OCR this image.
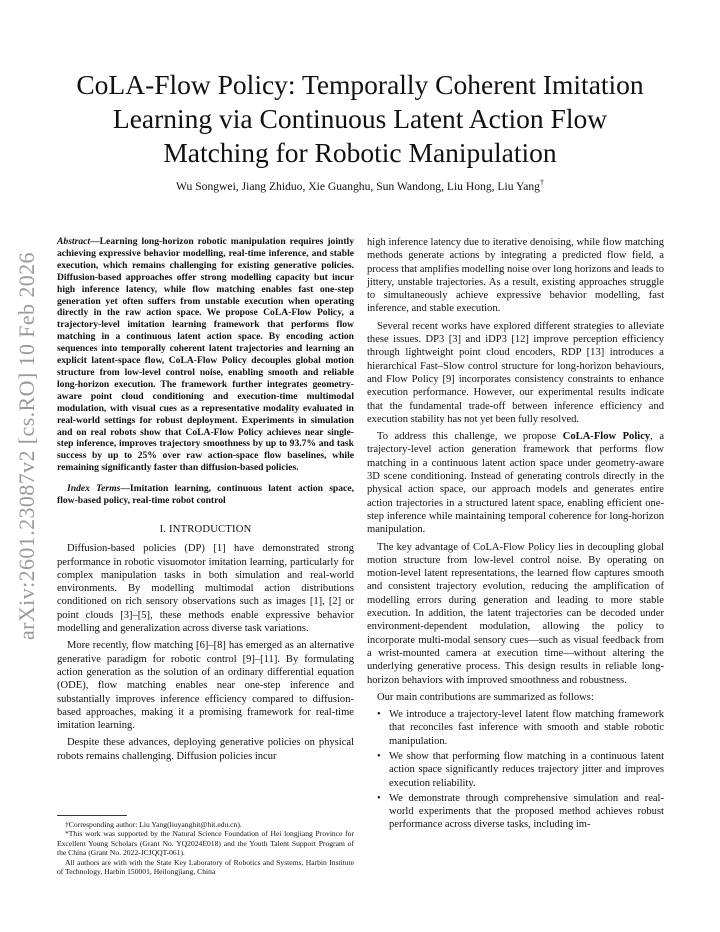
arXiv:2601.23087v2 [cs.RO] 10 Feb 2026
CoLA-Flow Policy: Temporally Coherent Imitation Learning via Continuous Latent Action Flow Matching for Robotic Manipulation
Wu Songwei, Jiang Zhiduo, Xie Guanghu, Sun Wandong, Liu Hong, Liu Yang†

Abstract—Learning long-horizon robotic manipulation requires jointly achieving expressive behavior modelling, real-time inference, and stable execution, which remains challenging for existing generative policies. Diffusion-based approaches offer strong modelling capacity but incur high inference latency, while flow matching enables fast one-step generation yet often suffers from unstable execution when operating directly in the raw action space. We propose CoLA-Flow Policy, a trajectory-level imitation learning framework that performs flow matching in a continuous latent action space. By encoding action sequences into temporally coherent latent trajectories and learning an explicit latent-space flow, CoLA-Flow Policy decouples global motion structure from low-level control noise, enabling smooth and reliable long-horizon execution. The framework further integrates geometry-aware point cloud conditioning and execution-time multimodal modulation, with visual cues as a representative modality evaluated in real-world settings for robust deployment. Experiments in simulation and on real robots show that CoLA-Flow Policy achieves near single-step inference, improves trajectory smoothness by up to 93.7% and task success by up to 25% over raw action-space flow baselines, while remaining significantly faster than diffusion-based policies.

Index Terms—Imitation learning, continuous latent action space, flow-based policy, real-time robot control

I. INTRODUCTION

Diffusion-based policies (DP) [1] have demonstrated strong performance in robotic visuomotor imitation learning, particularly for complex manipulation tasks in both simulation and real-world environments. By modelling multimodal action distributions conditioned on rich sensory observations such as images [1], [2] or point clouds [3]–[5], these methods enable expressive behavior modelling and generalization across diverse task variations.

More recently, flow matching [6]–[8] has emerged as an alternative generative paradigm for robotic control [9]–[11]. By formulating action generation as the solution of an ordinary differential equation (ODE), flow matching enables near one-step inference and substantially improves inference efficiency compared to diffusion-based approaches, making it a promising framework for real-time imitation learning.

Despite these advances, deploying generative policies on physical robots remains challenging. Diffusion policies incur

†Corresponding author: Liu Yang(liuyanghit@hit.edu.cn).

*This work was supported by the Natural Science Foundation of Hei longjiang Province for Excellent Young Scholars (Grant No. YQ2024E018) and the Youth Talent Support Program of the China (Grant No. 2022-JCJQQT-061).

All authors are with with the State Key Laboratory of Robotics and Systems, Harbin Institute of Technology, Harbin 150001, Heilongjiang, China

high inference latency due to iterative denoising, while flow matching methods generate actions by integrating a predicted flow field, a process that amplifies modelling noise over long horizons and leads to jittery, unstable trajectories. As a result, existing approaches struggle to simultaneously achieve expressive behavior modelling, fast inference, and stable execution.

Several recent works have explored different strategies to alleviate these issues. DP3 [3] and iDP3 [12] improve perception efficiency through lightweight point cloud encoders, RDP [13] introduces a hierarchical Fast–Slow control structure for long-horizon behaviours, and Flow Policy [9] incorporates consistency constraints to enhance execution performance. However, our experimental results indicate that the fundamental trade-off between inference efficiency and execution stability has not yet been fully resolved.

To address this challenge, we propose CoLA-Flow Policy, a trajectory-level action generation framework that performs flow matching in a continuous latent action space under geometry-aware 3D scene conditioning. Instead of generating controls directly in the physical action space, our approach models and generates entire action trajectories in a structured latent space, enabling efficient one-step inference while maintaining temporal coherence for long-horizon manipulation.

The key advantage of CoLA-Flow Policy lies in decoupling global motion structure from low-level control noise. By operating on motion-level latent representations, the learned flow captures smooth and consistent trajectory evolution, reducing the amplification of modelling errors during generation and leading to more stable execution. In addition, the latent trajectories can be decoded under environment-dependent modulation, allowing the policy to incorporate multi-modal sensory cues—such as visual feedback from a wrist-mounted camera at execution time—without altering the underlying generative process. This design results in reliable long-horizon behaviors with improved smoothness and robustness.

Our main contributions are summarized as follows:

• We introduce a trajectory-level latent flow matching framework that reconciles fast inference with smooth and stable robotic manipulation.
• We show that performing flow matching in a continuous latent action space significantly reduces trajectory jitter and improves execution reliability.
• We demonstrate through comprehensive simulation and real-world experiments that the proposed method achieves robust performance across diverse tasks, including im-
